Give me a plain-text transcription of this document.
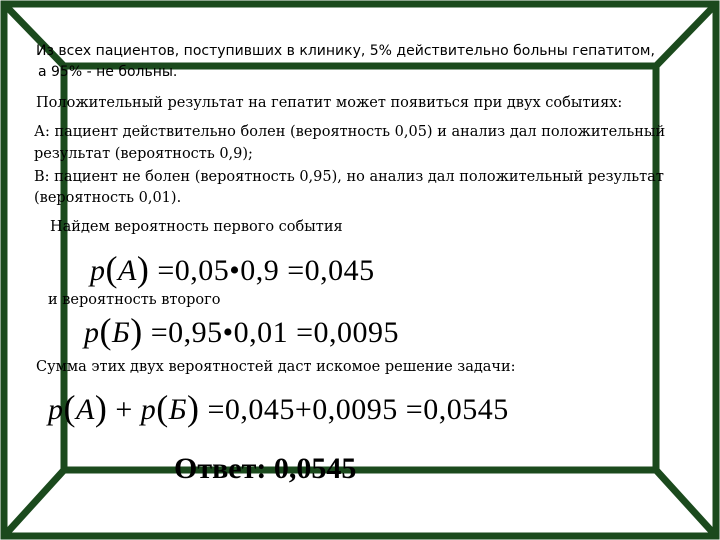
Из всех пациентов, поступивших в клинику, 5% действительно больны гепатитом,
а 95% - не больны.
Положительный результат на гепатит может появиться при двух событиях:
А: пациент действительно болен (вероятность 0,05) и анализ дал положительный
результат (вероятность 0,9);
В: пациент не болен (вероятность 0,95), но анализ дал положительный результат
(вероятность 0,01).
Найдем вероятность первого события
p(A) =0,05•0,9 =0,045
и вероятность второго
p(Б) =0,95•0,01 =0,0095
Сумма этих двух вероятностей даст искомое решение задачи:
p(A) + p(Б) =0,045+0,0095 =0,0545
Ответ: 0,0545
